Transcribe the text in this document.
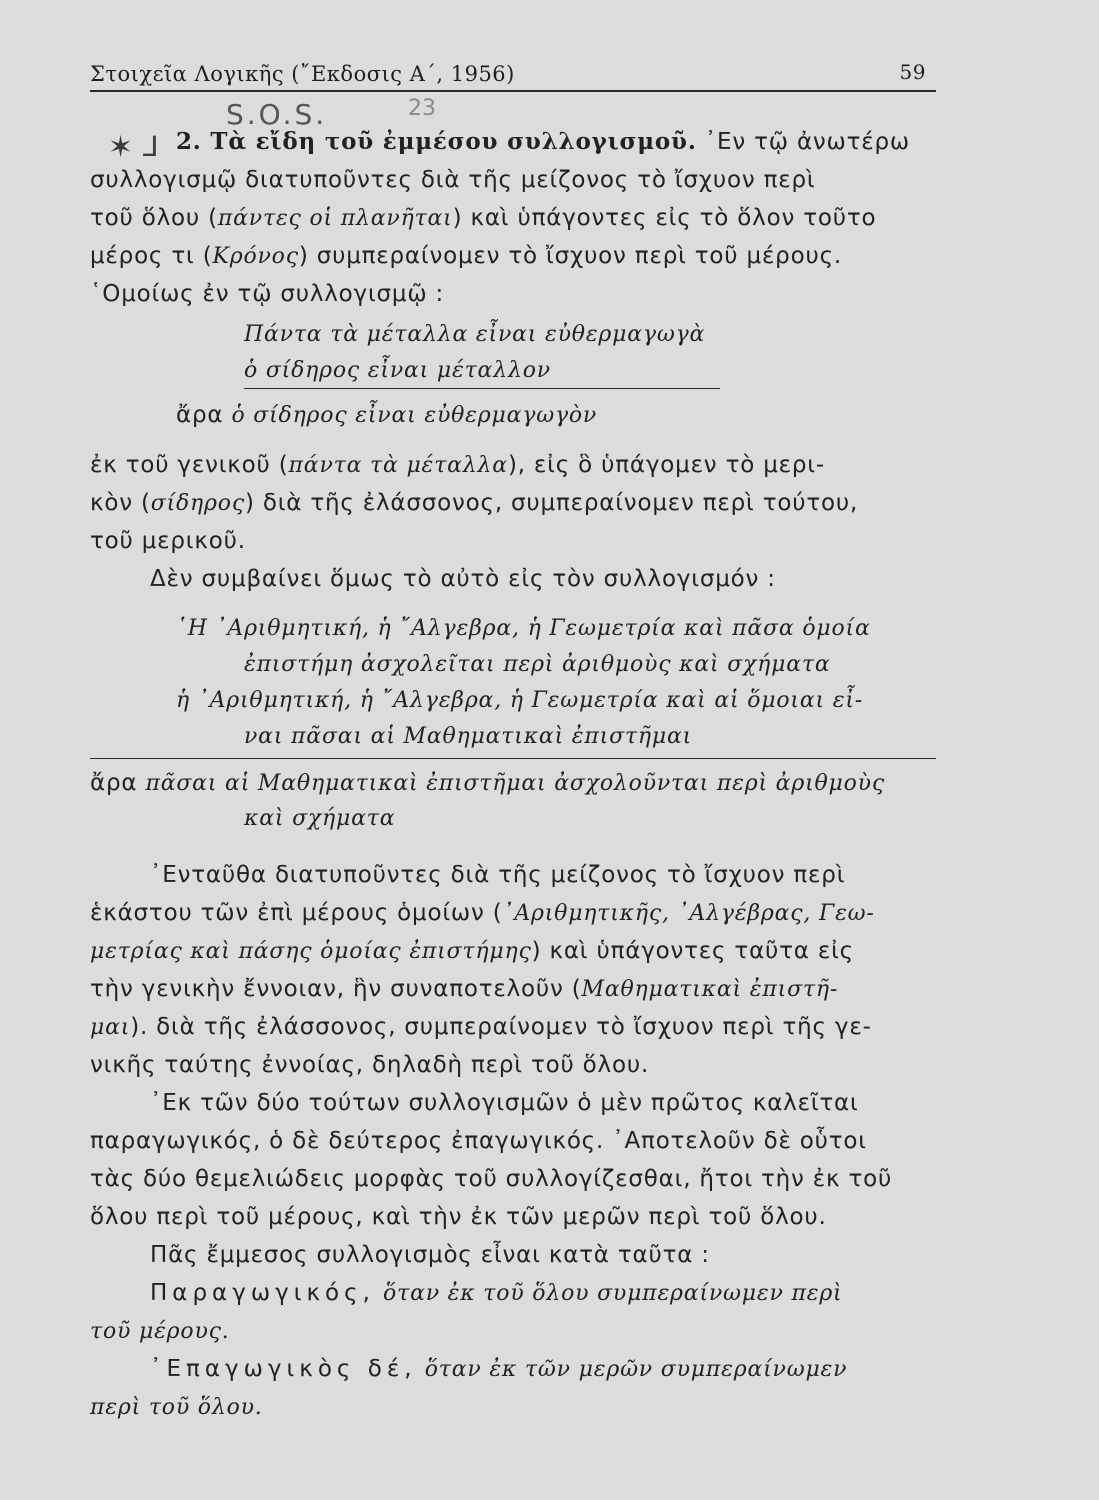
Στοιχεῖα Λογικῆς (῎Εκδοσις Α΄, 1956)	59
S.O.S.	23
✶ ⅃ 2. Τὰ εἴδη τοῦ ἐμμέσου συλλογισμοῦ. ᾿Εν τῷ ἀνωτέρω
συλλογισμῷ διατυποῦντες διὰ τῆς μείζονος τὸ ἴσχυον περὶ
τοῦ ὅλου (πάντες οἱ πλανῆται) καὶ ὑπάγοντες εἰς τὸ ὅλον τοῦτο
μέρος τι (Κρόνος) συμπεραίνομεν τὸ ἴσχυον περὶ τοῦ μέρους.
῾Ομοίως ἐν τῷ συλλογισμῷ :
Πάντα τὰ μέταλλα εἶναι εὐθερμαγωγὰ
ὁ σίδηρος εἶναι μέταλλον
ἄρα ὁ σίδηρος εἶναι εὐθερμαγωγὸν
ἐκ τοῦ γενικοῦ (πάντα τὰ μέταλλα), εἰς ὃ ὑπάγομεν τὸ μερι-
κὸν (σίδηρος) διὰ τῆς ἐλάσσονος, συμπεραίνομεν περὶ τούτου,
τοῦ μερικοῦ.
Δὲν συμβαίνει ὅμως τὸ αὐτὸ εἰς τὸν συλλογισμόν :
῾Η ᾿Αριθμητική, ἡ ῎Αλγεβρα, ἡ Γεωμετρία καὶ πᾶσα ὁμοία
ἐπιστήμη ἀσχολεῖται περὶ ἀριθμοὺς καὶ σχήματα
ἡ ᾿Αριθμητική, ἡ ῎Αλγεβρα, ἡ Γεωμετρία καὶ αἱ ὅμοιαι εἶ-
ναι πᾶσαι αἱ Μαθηματικαὶ ἐπιστῆμαι
ἄρα πᾶσαι αἱ Μαθηματικαὶ ἐπιστῆμαι ἀσχολοῦνται περὶ ἀριθμοὺς
καὶ σχήματα
᾿Ενταῦθα διατυποῦντες διὰ τῆς μείζονος τὸ ἴσχυον περὶ
ἑκάστου τῶν ἐπὶ μέρους ὁμοίων (᾿Αριθμητικῆς, ᾿Αλγέβρας, Γεω-
μετρίας καὶ πάσης ὁμοίας ἐπιστήμης) καὶ ὑπάγοντες ταῦτα εἰς
τὴν γενικὴν ἔννοιαν, ἣν συναποτελοῦν (Μαθηματικαὶ ἐπιστῆ-
μαι). διὰ τῆς ἐλάσσονος, συμπεραίνομεν τὸ ἴσχυον περὶ τῆς γε-
νικῆς ταύτης ἐννοίας, δηλαδὴ περὶ τοῦ ὅλου.
᾿Εκ τῶν δύο τούτων συλλογισμῶν ὁ μὲν πρῶτος καλεῖται
παραγωγικός, ὁ δὲ δεύτερος ἐπαγωγικός. ᾿Αποτελοῦν δὲ οὗτοι
τὰς δύο θεμελιώδεις μορφὰς τοῦ συλλογίζεσθαι, ἤτοι τὴν ἐκ τοῦ
ὅλου περὶ τοῦ μέρους, καὶ τὴν ἐκ τῶν μερῶν περὶ τοῦ ὅλου.
Πᾶς ἔμμεσος συλλογισμὸς εἶναι κατὰ ταῦτα :
Παραγωγικός, ὅταν ἐκ τοῦ ὅλου συμπεραίνωμεν περὶ
τοῦ μέρους.
᾿Επαγωγικὸς δέ, ὅταν ἐκ τῶν μερῶν συμπεραίνωμεν
περὶ τοῦ ὅλου.
